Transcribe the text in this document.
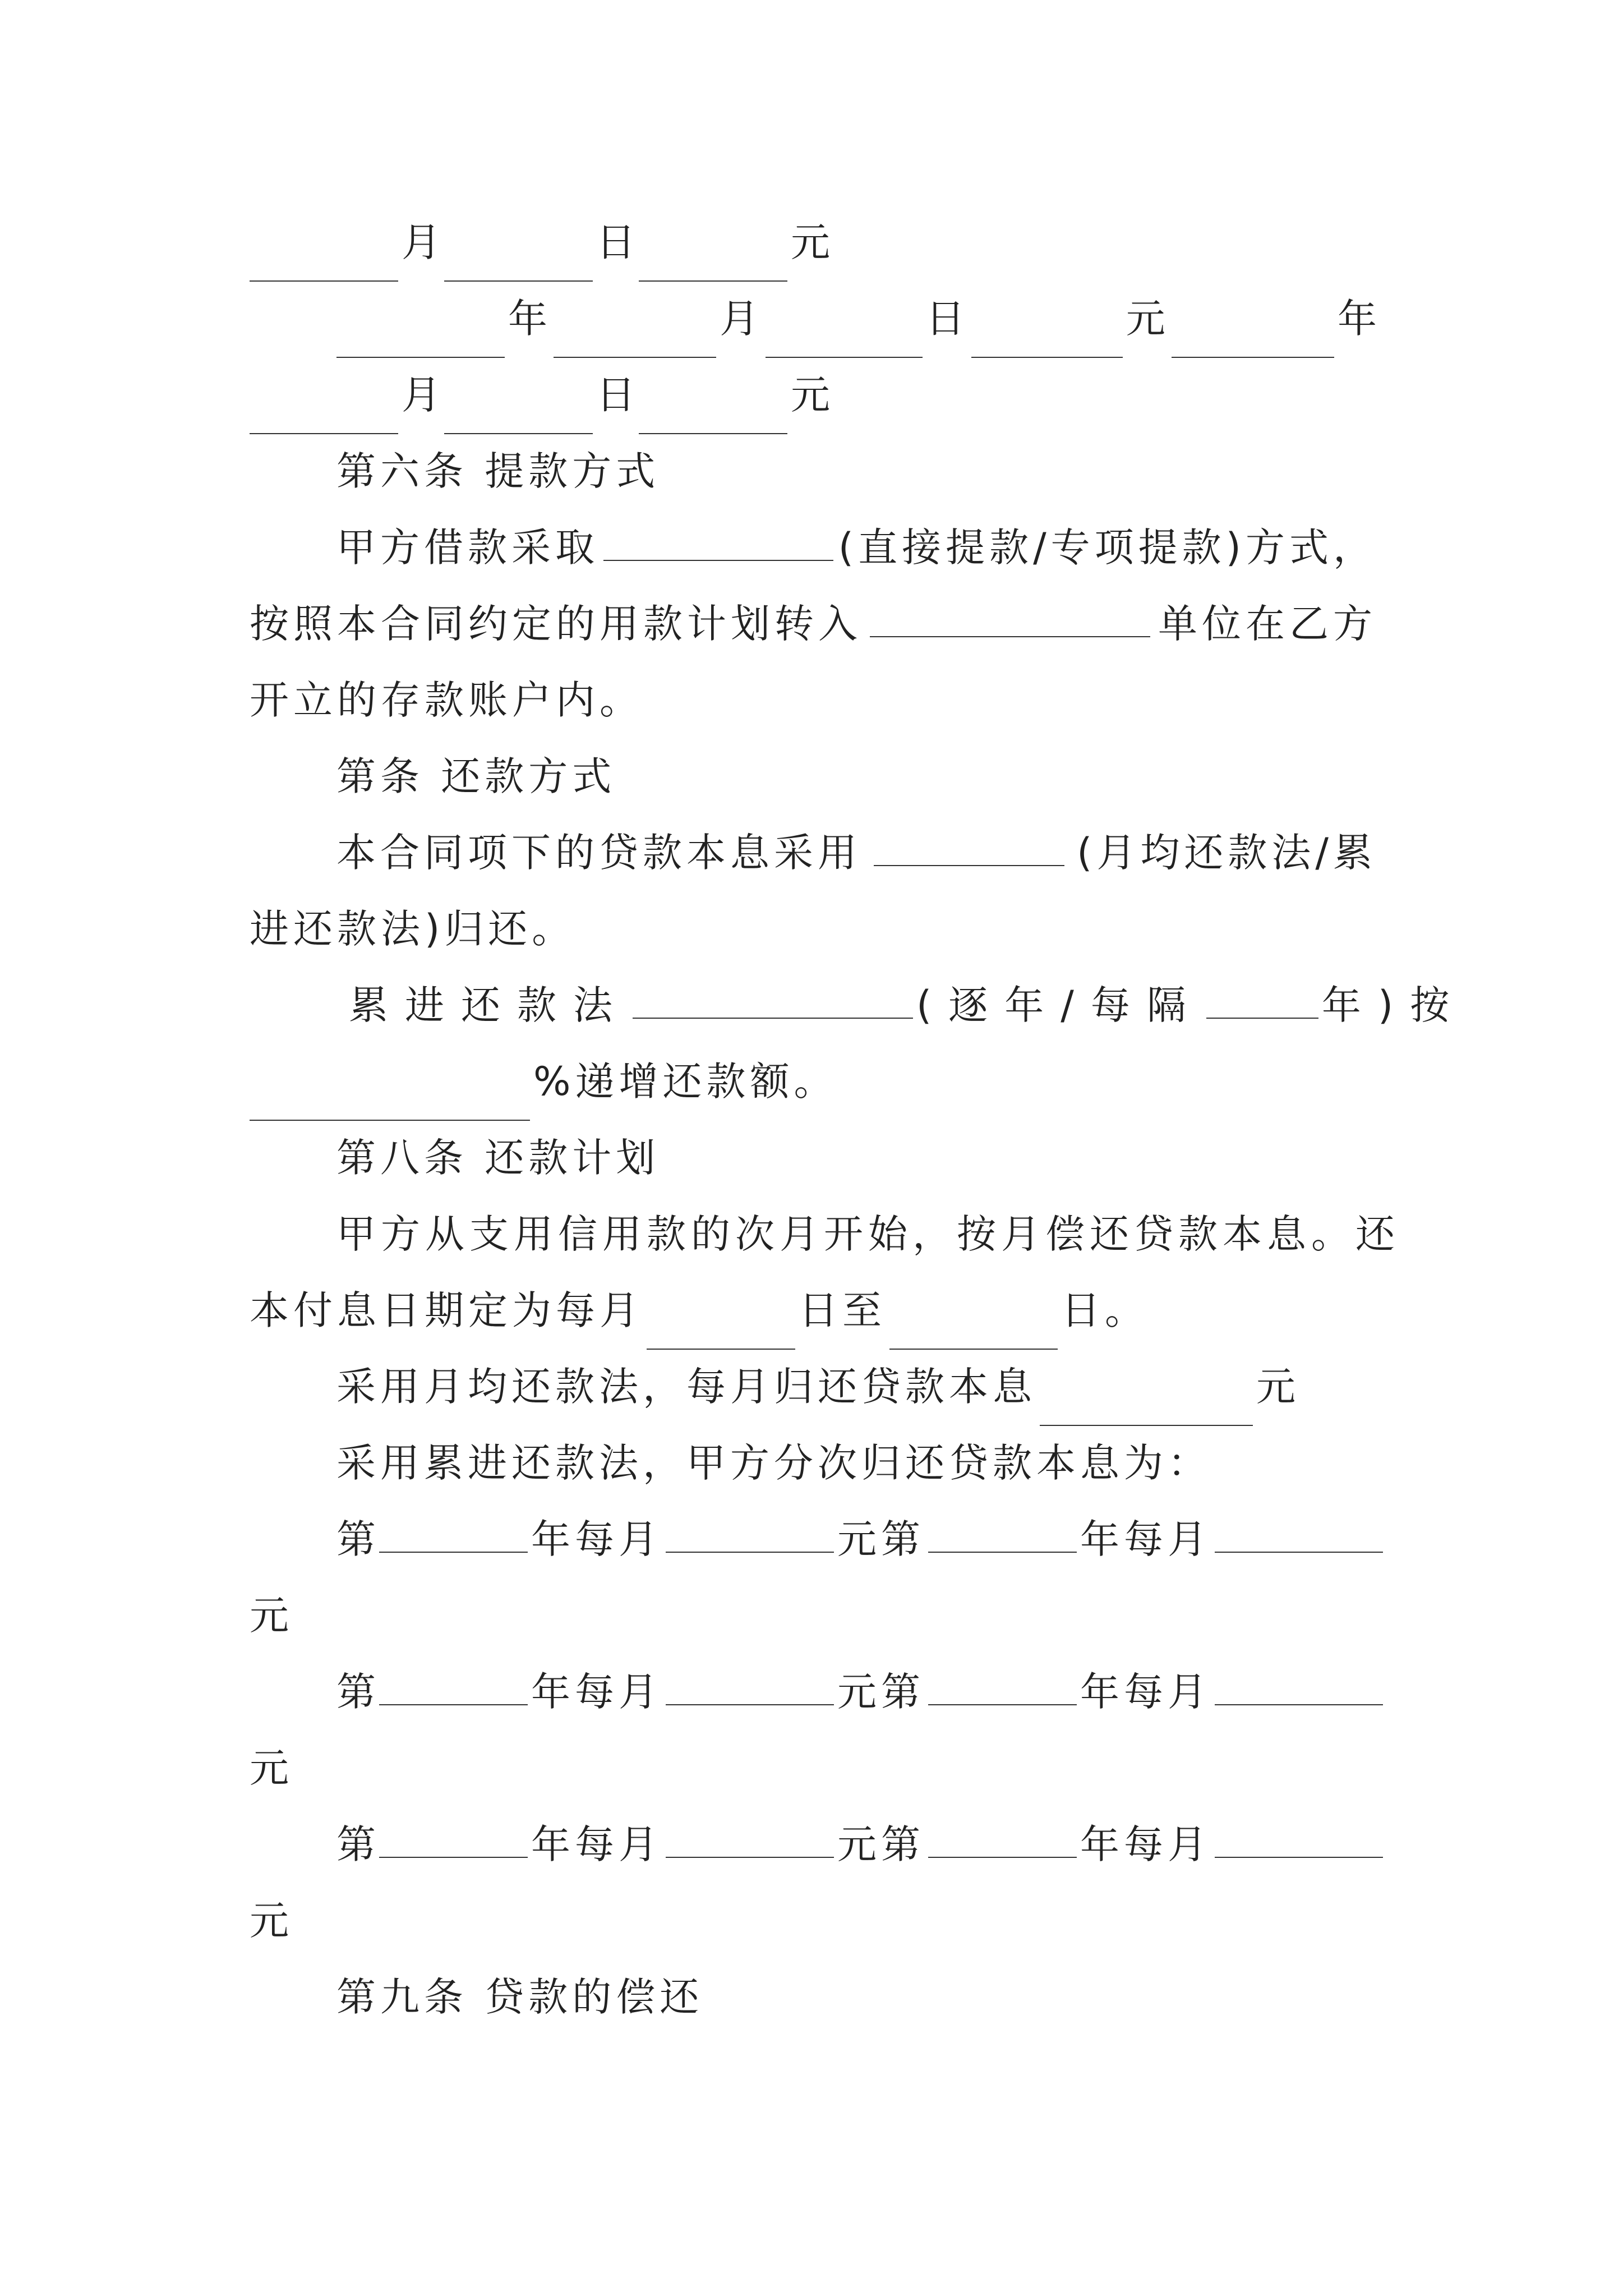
月	日	元
年	月	日	元	年
月	日	元
第六条 提款方式
甲方借款采取	(直接提款/专项提款)方式，
按照本合同约定的用款计划转入	单位在乙方
开立的存款账户内。
第条 还款方式
本合同项下的贷款本息采用	(月均还款法/累
进还款法)归还。
累进还款法	(逐年/每隔	年)按
%递增还款额。
第八条 还款计划
甲方从支用信用款的次月开始，按月偿还贷款本息。还
本付息日期定为每月	日至	日。
采用月均还款法，每月归还贷款本息	元
采用累进还款法，甲方分次归还贷款本息为：
第	年每月	元第	年每月
元
第	年每月	元第	年每月
元
第	年每月	元第	年每月
元
第九条 贷款的偿还
